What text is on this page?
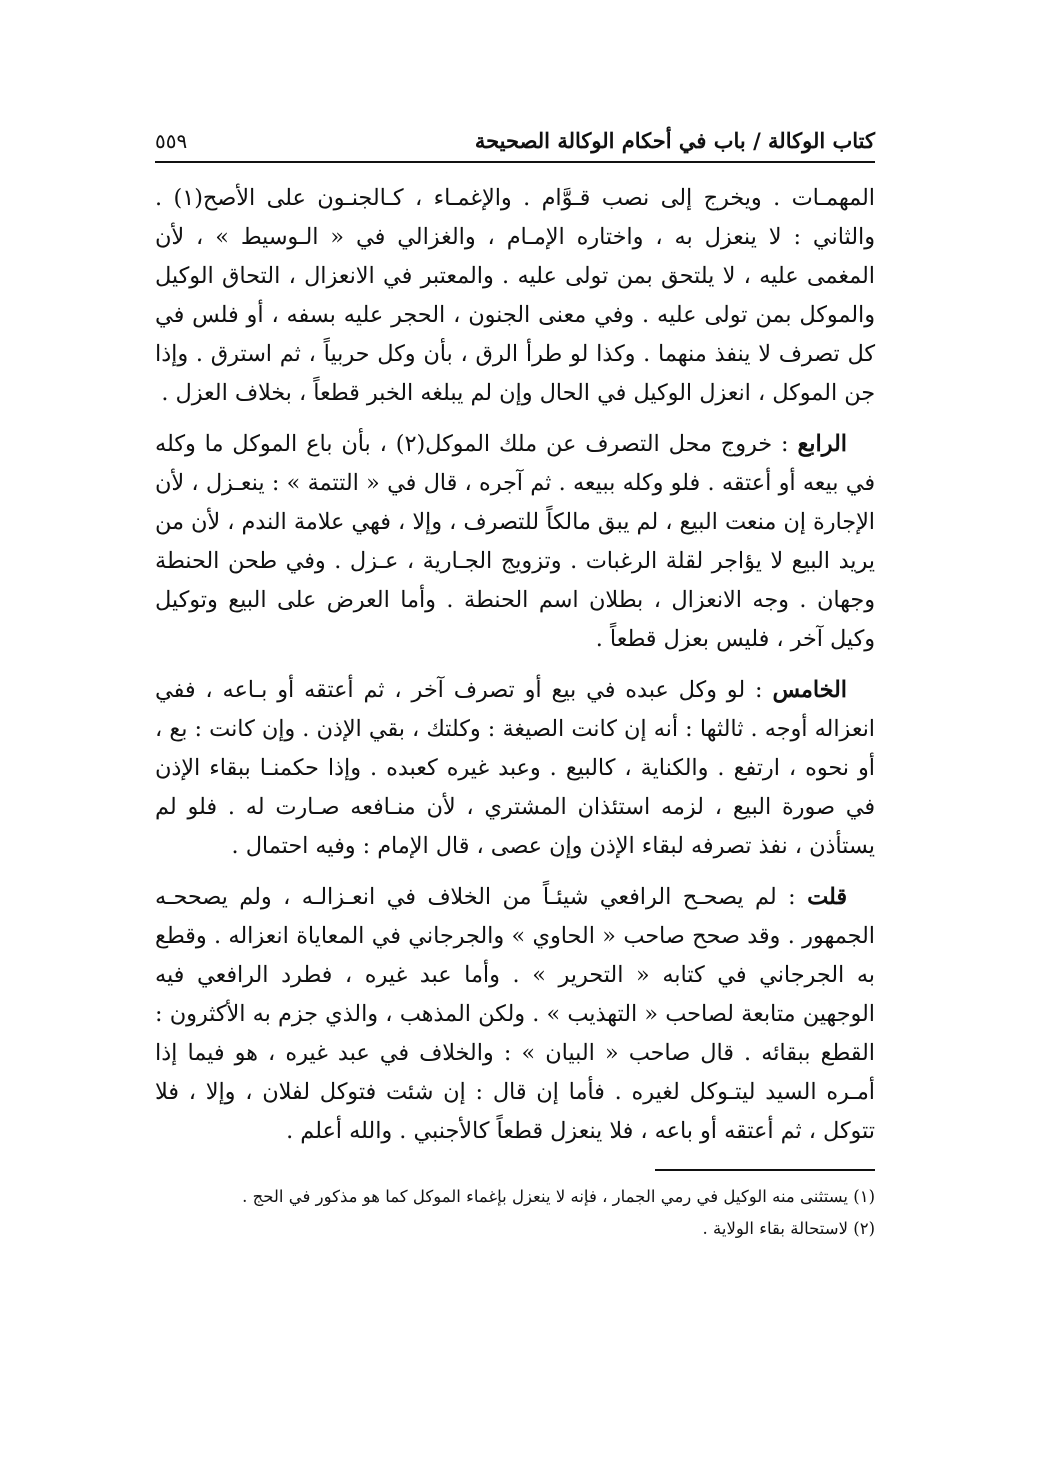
كتاب الوكالة / باب في أحكام الوكالة الصحيحة
٥٥٩

المهمـات . ويخرج إلى نصب قـوَّام . والإغمـاء ، كـالجنـون على الأصح(١) . والثاني : لا ينعزل به ، واختاره الإمـام ، والغزالي في « الـوسيط » ، لأن المغمى عليه ، لا يلتحق بمن تولى عليه . والمعتبر في الانعزال ، التحاق الوكيل والموكل بمن تولى عليه . وفي معنى الجنون ، الحجر عليه بسفه ، أو فلس في كل تصرف لا ينفذ منهما . وكذا لو طرأ الرق ، بأن وكل حربياً ، ثم استرق . وإذا جن الموكل ، انعزل الوكيل في الحال وإن لم يبلغه الخبر قطعاً ، بخلاف العزل .

الرابع : خروج محل التصرف عن ملك الموكل(٢) ، بأن باع الموكل ما وكله في بيعه أو أعتقه . فلو وكله ببيعه . ثم آجره ، قال في « التتمة » : ينعـزل ، لأن الإجارة إن منعت البيع ، لم يبق مالكاً للتصرف ، وإلا ، فهي علامة الندم ، لأن من يريد البيع لا يؤاجر لقلة الرغبات . وتزويج الجـارية ، عـزل . وفي طحن الحنطة وجهان . وجه الانعزال ، بطلان اسم الحنطة . وأما العرض على البيع وتوكيل وكيل آخر ، فليس بعزل قطعاً .

الخامس : لو وكل عبده في بيع أو تصرف آخر ، ثم أعتقه أو بـاعه ، ففي انعزاله أوجه . ثالثها : أنه إن كانت الصيغة : وكلتك ، بقي الإذن . وإن كانت : بع ، أو نحوه ، ارتفع . والكناية ، كالبيع . وعبد غيره كعبده . وإذا حكمنـا ببقاء الإذن في صورة البيع ، لزمه استئذان المشتري ، لأن منـافعه صـارت له . فلو لم يستأذن ، نفذ تصرفه لبقاء الإذن وإن عصى ، قال الإمام : وفيه احتمال .

قلت : لم يصحـح الرافعي شيئـاً من الخلاف في انعـزالـه ، ولم يصححـه الجمهور . وقد صحح صاحب « الحاوي » والجرجاني في المعاياة انعزاله . وقطع به الجرجاني في كتابه « التحرير » . وأما عبد غيره ، فطرد الرافعي فيه الوجهين متابعة لصاحب « التهذيب » . ولكن المذهب ، والذي جزم به الأكثرون : القطع ببقائه . قال صاحب « البيان » : والخلاف في عبد غيره ، هو فيما إذا أمـره السيد ليتـوكل لغيره . فأما إن قال : إن شئت فتوكل لفلان ، وإلا ، فلا تتوكل ، ثم أعتقه أو باعه ، فلا ينعزل قطعاً كالأجنبي . والله أعلم .

(١) يستثنى منه الوكيل في رمي الجمار ، فإنه لا ينعزل بإغماء الموكل كما هو مذكور في الحج .
(٢) لاستحالة بقاء الولاية .
